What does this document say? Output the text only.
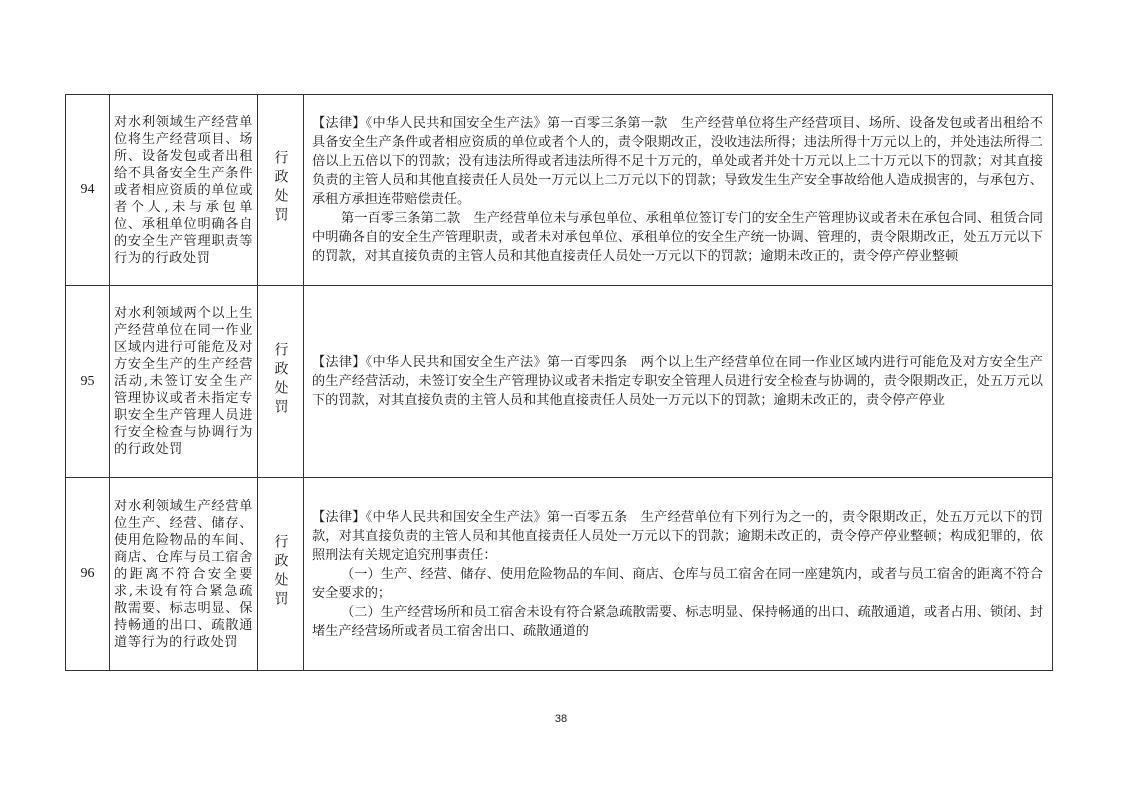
94	对水利领域生产经营单位将生产经营项目、场所、设备发包或者出租给不具备安全生产条件或者相应资质的单位或者个人,未与承包单位、承租单位明确各自的安全生产管理职责等行为的行政处罚	行政处罚	【法律】《中华人民共和国安全生产法》第一百零三条第一款　生产经营单位将生产经营项目、场所、设备发包或者出租给不具备安全生产条件或者相应资质的单位或者个人的，责令限期改正，没收违法所得；违法所得十万元以上的，并处违法所得二倍以上五倍以下的罚款；没有违法所得或者违法所得不足十万元的，单处或者并处十万元以上二十万元以下的罚款；对其直接负责的主管人员和其他直接责任人员处一万元以上二万元以下的罚款；导致发生生产安全事故给他人造成损害的，与承包方、承租方承担连带赔偿责任。

第一百零三条第二款　生产经营单位未与承包单位、承租单位签订专门的安全生产管理协议或者未在承包合同、租赁合同中明确各自的安全生产管理职责，或者未对承包单位、承租单位的安全生产统一协调、管理的，责令限期改正，处五万元以下的罚款，对其直接负责的主管人员和其他直接责任人员处一万元以下的罚款；逾期未改正的，责令停产停业整顿

95	对水利领域两个以上生产经营单位在同一作业区域内进行可能危及对方安全生产的生产经营活动,未签订安全生产管理协议或者未指定专职安全生产管理人员进行安全检查与协调行为的行政处罚	行政处罚	【法律】《中华人民共和国安全生产法》第一百零四条　两个以上生产经营单位在同一作业区域内进行可能危及对方安全生产的生产经营活动，未签订安全生产管理协议或者未指定专职安全管理人员进行安全检查与协调的，责令限期改正，处五万元以下的罚款，对其直接负责的主管人员和其他直接责任人员处一万元以下的罚款；逾期未改正的，责令停产停业

96	对水利领域生产经营单位生产、经营、储存、使用危险物品的车间、商店、仓库与员工宿舍的距离不符合安全要求,未设有符合紧急疏散需要、标志明显、保持畅通的出口、疏散通道等行为的行政处罚	行政处罚	【法律】《中华人民共和国安全生产法》第一百零五条　生产经营单位有下列行为之一的，责令限期改正，处五万元以下的罚款，对其直接负责的主管人员和其他直接责任人员处一万元以下的罚款；逾期未改正的，责令停产停业整顿；构成犯罪的，依照刑法有关规定追究刑事责任：

（一）生产、经营、储存、使用危险物品的车间、商店、仓库与员工宿舍在同一座建筑内，或者与员工宿舍的距离不符合安全要求的；

（二）生产经营场所和员工宿舍未设有符合紧急疏散需要、标志明显、保持畅通的出口、疏散通道，或者占用、锁闭、封堵生产经营场所或者员工宿舍出口、疏散通道的

38
